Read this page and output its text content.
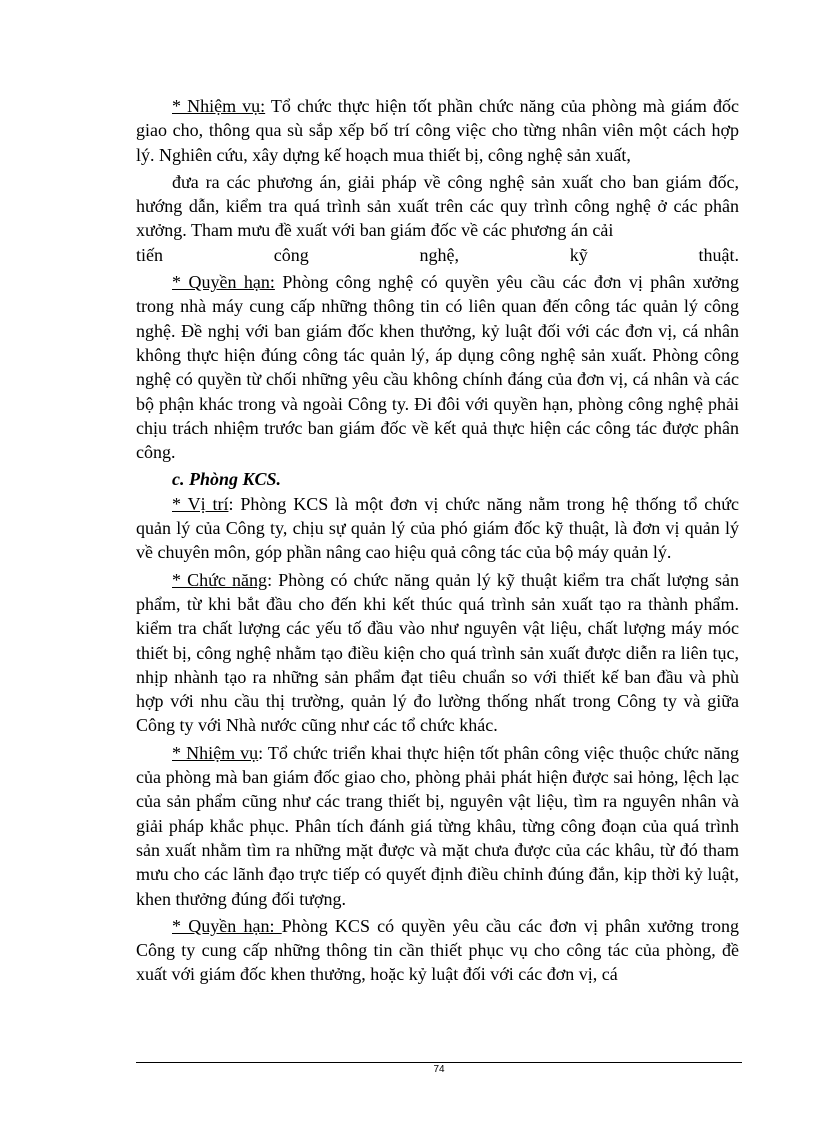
* Nhiệm vụ: Tổ chức thực hiện tốt phần chức năng của phòng mà giám đốc giao cho, thông qua sù sắp xếp bố trí công việc cho từng nhân viên một cách hợp lý. Nghiên cứu, xây dựng kế hoạch mua thiết bị, công nghệ sản xuất,

đưa ra các phương án, giải pháp về công nghệ sản xuất cho ban giám đốc, hướng dẫn, kiểm tra quá trình sản xuất trên các quy trình công nghệ ở các phân xưởng. Tham mưu đề xuất với ban giám đốc về các phương án cải

tiến	công	nghệ,	kỹ	thuật.

* Quyền hạn: Phòng công nghệ có quyền yêu cầu các đơn vị phân xưởng trong nhà máy cung cấp những thông tin có liên quan đến công tác quản lý công nghệ. Đề nghị với ban giám đốc khen thưởng, kỷ luật đối với các đơn vị, cá nhân không thực hiện đúng công tác quản lý, áp dụng công nghệ sản xuất. Phòng công nghệ có quyền từ chối những yêu cầu không chính đáng của đơn vị, cá nhân và các bộ phận khác trong và ngoài Công ty. Đi đôi với quyền hạn, phòng công nghệ phải chịu trách nhiệm trước ban giám đốc về kết quả thực hiện các công tác được phân công.

c. Phòng KCS.

* Vị trí: Phòng KCS là một đơn vị chức năng nằm trong hệ thống tổ chức quản lý của Công ty, chịu sự quản lý của phó giám đốc kỹ thuật, là đơn vị quản lý về chuyên môn, góp phần nâng cao hiệu quả công tác của bộ máy quản lý.

* Chức năng: Phòng có chức năng quản lý kỹ thuật kiểm tra chất lượng sản phẩm, từ khi bắt đầu cho đến khi kết thúc quá trình sản xuất tạo ra thành phẩm. kiểm tra chất lượng các yếu tố đầu vào như nguyên vật liệu, chất lượng máy móc thiết bị, công nghệ nhằm tạo điều kiện cho quá trình sản xuất được diễn ra liên tục, nhịp nhành tạo ra những sản phẩm đạt tiêu chuẩn so với thiết kế ban đầu và phù hợp với nhu cầu thị trường, quản lý đo lường thống nhất trong Công ty và giữa Công ty với Nhà nước cũng như các tổ chức khác.

* Nhiệm vụ: Tổ chức triển khai thực hiện tốt phân công việc thuộc chức năng của phòng mà ban giám đốc giao cho, phòng phải phát hiện được sai hỏng, lệch lạc của sản phẩm cũng như các trang thiết bị, nguyên vật liệu, tìm ra nguyên nhân và giải pháp khắc phục. Phân tích đánh giá từng khâu, từng công đoạn của quá trình sản xuất nhằm tìm ra những mặt được và mặt chưa được của các khâu, từ đó tham mưu cho các lãnh đạo trực tiếp có quyết định điều chỉnh đúng đắn, kịp thời kỷ luật, khen thưởng đúng đối tượng.

* Quyền hạn: Phòng KCS có quyền yêu cầu các đơn vị phân xưởng trong Công ty cung cấp những thông tin cần thiết phục vụ cho công tác của phòng, đề xuất với giám đốc khen thưởng, hoặc kỷ luật đối với các đơn vị, cá

74
